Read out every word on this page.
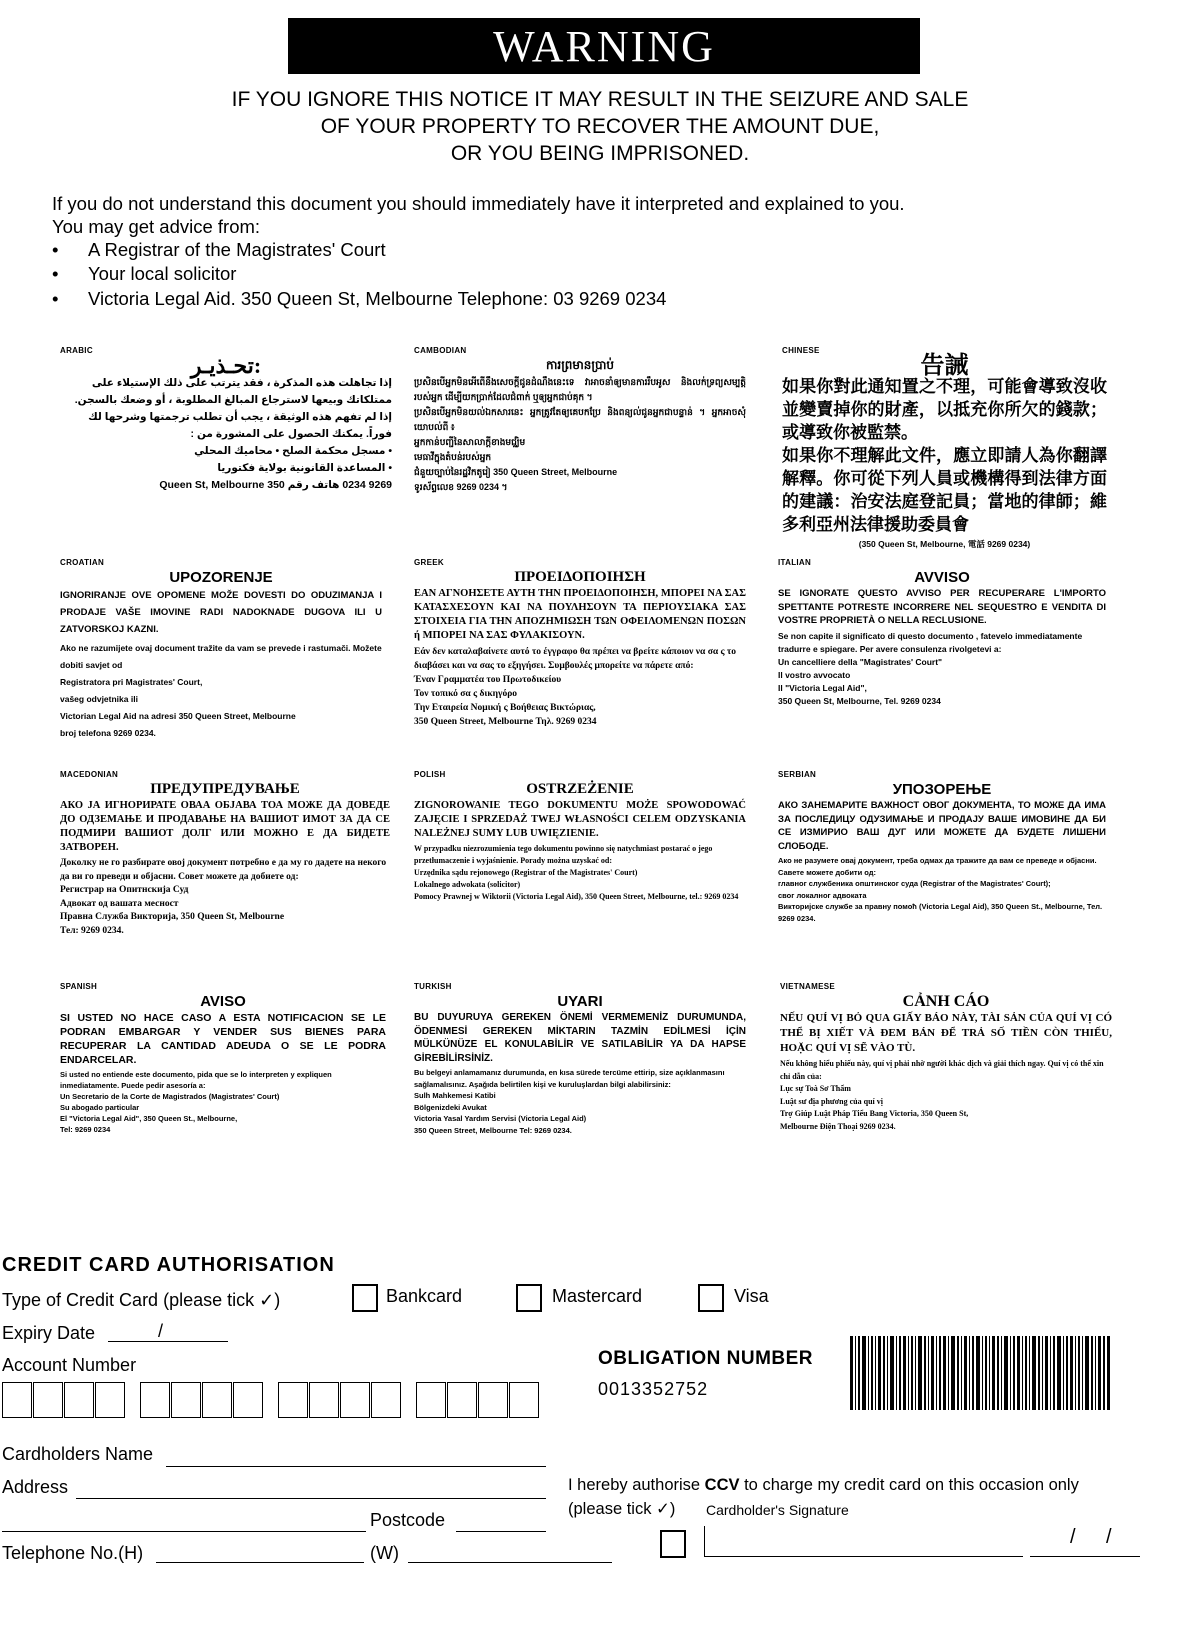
WARNING
IF YOU IGNORE THIS NOTICE IT MAY RESULT IN THE SEIZURE AND SALE
OF YOUR PROPERTY TO RECOVER THE AMOUNT DUE,
OR YOU BEING IMPRISONED.
If you do not understand this document you should immediately have it interpreted and explained to you.
You may get advice from:
• A Registrar of the Magistrates' Court
• Your local solicitor
• Victoria Legal Aid. 350 Queen St, Melbourne Telephone: 03 9269 0234
ARABIC
تحـذيـر:
إذا تجاهلت هذه المذكرة ، فقد يترتب على ذلك الإستيلاء على ممتلكاتك وبيعها لاسترجاع المبالغ المطلوبة ، أو وضعك بالسجن.
إذا لم تفهم هذه الوثيقة ، يجب أن تطلب ترجمتها وشرحها لك فوراً. يمكنك الحصول على المشورة من :
• مسجل محكمة الصلح • محاميك المحلي
• المساعدة القانونية بولاية فكتوريا
9269 0234 هاتف رقم 350 Queen St, Melbourne
CAMBODIAN
ការព្រមានប្រាប់
ប្រសិនបើអ្នកមិនអើពើនឹងសេចក្តីជូនដំណឹងនេះទេ វាអាចនាំឲ្យមានការរឹបអូស និងលក់ទ្រព្យសម្បត្តិរបស់អ្នក ដើម្បីយកប្រាក់ដែលជំពាក់ ឬឲ្យអ្នកជាប់គុក ។
ប្រសិនបើអ្នកមិនយល់ឯកសារនេះ អ្នកត្រូវតែឲ្យគេបកប្រែ និងពន្យល់ជូនអ្នកជាបន្ទាន់ ។ អ្នកអាចសុំយោបល់ពី ៖
អ្នកកាន់បញ្ជីនៃសាលាក្តីខាងមជ្ឈិម
មេធាវីក្នុងតំបន់របស់អ្នក
ជំនួយច្បាប់នៃរដ្ឋវិកតូរៀ 350 Queen Street, Melbourne
ទូរស័ព្ទលេខ 9269 0234 ។
CHINESE
告誡
如果你對此通知置之不理，可能會導致沒收並變賣掉你的財產，以抵充你所欠的錢款；或導致你被監禁。
如果你不理解此文件，應立即請人為你翻譯解釋。你可從下列人員或機構得到法律方面的建議：治安法庭登記員；當地的律師；維多利亞州法律援助委員會
(350 Queen St, Melbourne, 電話 9269 0234)
CROATIAN
UPOZORENJE
IGNORIRANJE OVE OPOMENE MOŽE DOVESTI DO ODUZIMANJA I PRODAJE VAŠE IMOVINE RADI NADOKNADE DUGOVA ILI U ZATVORSKOJ KAZNI.
Ako ne razumijete ovaj document tražite da vam se prevede i rastumači. Možete dobiti savjet od
Registratora pri Magistrates' Court,
vašeg odvjetnika ili
Victorian Legal Aid na adresi 350 Queen Street, Melbourne
broj telefona 9269 0234.
GREEK
ΠΡΟΕΙΔΟΠΟΙΗΣΗ
ΕΑΝ ΑΓΝΟΗΣΕΤΕ ΑΥΤΗ ΤΗΝ ΠΡΟΕΙΔΟΠΟΙΗΣΗ, ΜΠΟΡΕΙ ΝΑ ΣΑΣ ΚΑΤΑΣΧΕΣΟΥΝ ΚΑΙ ΝΑ ΠΟΥΛΗΣΟΥΝ ΤΑ ΠΕΡΙΟΥΣΙΑΚΑ ΣΑΣ ΣΤΟΙΧΕΙΑ ΓΙΑ ΤΗΝ ΑΠΟΖΗΜΙΩΣΗ ΤΩΝ ΟΦΕΙΛΟΜΕΝΩΝ ΠΟΣΩΝ ή ΜΠΟΡΕΙ ΝΑ ΣΑΣ ΦΥΛΑΚΙΣΟΥΝ.
Εάν δεν καταλαβαίνετε αυτό το έγγραφο θα πρέπει να βρείτε κάποιον να σα ς το διαβάσει και να σας το εξηγήσει. Συμβουλές μπορείτε να πάρετε από:
Έναν Γραμματέα του Πρωτοδικείου
Τον τοπικό σα ς δικηγόρο
Την Εταιρεία Νομική ς Βοήθειας Βικτώριας,
350 Queen Street, Melbourne Τηλ. 9269 0234
ITALIAN
AVVISO
SE IGNORATE QUESTO AVVISO PER RECUPERARE L'IMPORTO SPETTANTE POTRESTE INCORRERE NEL SEQUESTRO E VENDITA DI VOSTRE PROPRIETÀ O NELLA RECLUSIONE.
Se non capite il significato di questo documento , fatevelo immediatamente tradurre e spiegare. Per avere consulenza rivolgetevi a:
Un cancelliere della "Magistrates' Court"
Il vostro avvocato
Il "Victoria Legal Aid",
350 Queen St, Melbourne, Tel. 9269 0234
MACEDONIAN
ПРЕДУПРЕДУВАЊЕ
АКО ЈА ИГНОРИРАТЕ ОВАА ОБЈАВА ТОА МОЖЕ ДА ДОВЕДЕ ДО ОДЗЕМАЊЕ И ПРОДАВАЊЕ НА ВАШИОТ ИМОТ ЗА ДА СЕ ПОДМИРИ ВАШИОТ ДОЛГ ИЛИ МОЖНО Е ДА БИДЕТЕ ЗАТВОРЕН.
Доколку не го разбирате овој документ потребно е да му го дадете на некого да ви го преведи и објасни. Совет можете да добиете од:
Регистрар на Опитнскиjа Суд
Адвокат од вашата месност
Правна Служба Викториjа, 350 Queen St, Melbourne
Тел: 9269 0234.
POLISH
OSTRZEŻENIE
ZIGNOROWANIE TEGO DOKUMENTU MOŻE SPOWODOWAĆ ZAJĘCIE I SPRZEDAŻ TWEJ WŁASNOŚCI CELEM ODZYSKANIA NALEŻNEJ SUMY LUB UWIĘZIENIE.
W przypadku niezrozumienia tego dokumentu powinno się natychmiast postarać o jego przetłumaczenie i wyjaśnienie. Porady można uzyskać od:
Urzędnika sądu rejonowego (Registrar of the Magistrates' Court)
Lokalnego adwokata (solicitor)
Pomocy Prawnej w Wiktorii (Victoria Legal Aid), 350 Queen Street, Melbourne, tel.: 9269 0234
SERBIAN
УПОЗОРЕЊЕ
АКО ЗАНЕМАРИТЕ ВАЖНОСТ ОВОГ ДОКУМЕНТА, ТО МОЖЕ ДА ИМА ЗА ПОСЛЕДИЦУ ОДУЗИМАЊЕ И ПРОДАЈУ ВАШЕ ИМОВИНЕ ДА БИ СЕ ИЗМИРИО ВАШ ДУГ ИЛИ МОЖЕТЕ ДА БУДЕТЕ ЛИШЕНИ СЛОБОДЕ.
Ако не разумете овај документ, треба одмах да тражите да вам се преведе и објасни. Савете можете добити од:
главног службеника општинског суда (Registrar of the Magistrates' Court);
свог локалног адвоката
Викторијске службе за правну помоћ (Victoria Legal Aid), 350 Queen St., Melbourne, Тел. 9269 0234.
SPANISH
AVISO
SI USTED NO HACE CASO A ESTA NOTIFICACION SE LE PODRAN EMBARGAR Y VENDER SUS BIENES PARA RECUPERAR LA CANTIDAD ADEUDA O SE LE PODRA ENDARCELAR.
Si usted no entiende este documento, pida que se lo interpreten y expliquen inmediatamente. Puede pedir asesoría a:
Un Secretario de la Corte de Magistrados (Magistrates' Court)
Su abogado particular
El "Victoria Legal Aid", 350 Queen St., Melbourne,
Tel: 9269 0234
TURKISH
UYARI
BU DUYURUYA GEREKEN ÖNEMİ VERMEMENİZ DURUMUNDA, ÖDENMESİ GEREKEN MİKTARIN TAZMİN EDİLMESİ İÇİN MÜLKÜNÜZE EL KONULABİLİR VE SATILABİLİR YA DA HAPSE GİREBİLİRSİNİZ.
Bu belgeyi anlamamanız durumunda, en kısa sürede tercüme ettirip, size açıklanmasını sağlamalısınız. Aşağıda belirtilen kişi ve kuruluşlardan bilgi alabilirsiniz:
Sulh Mahkemesi Katibi
Bölgenizdeki Avukat
Victoria Yasal Yardım Servisi (Victoria Legal Aid)
350 Queen Street, Melbourne Tel: 9269 0234.
VIETNAMESE
CẢNH CÁO
NẾU QUÍ VỊ BỎ QUA GIẤY BÁO NÀY, TÀI SẢN CỦA QUÍ VỊ CÓ THỂ BỊ XIẾT VÀ ĐEM BÁN ĐỂ TRẢ SỐ TIỀN CÒN THIẾU, HOẶC QUÍ VỊ SẼ VÀO TÙ.
Nếu không hiểu phiếu này, quí vị phải nhờ người khác dịch và giải thích ngay. Quí vị có thể xin chỉ dẫn của:
Lục sự Toà Sơ Thẩm
Luật sư địa phương của quí vị
Trợ Giúp Luật Pháp Tiểu Bang Victoria, 350 Queen St,
Melbourne Điện Thoại 9269 0234.
CREDIT CARD AUTHORISATION
Type of Credit Card (please tick ✓)	Bankcard	Mastercard	Visa
Expiry Date	/
Account Number	OBLIGATION NUMBER
0013352752
Cardholders Name
Address
Postcode
Telephone No.(H)	(W)
I hereby authorise CCV to charge my credit card on this occasion only
(please tick ✓) Cardholder's Signature
/ /
